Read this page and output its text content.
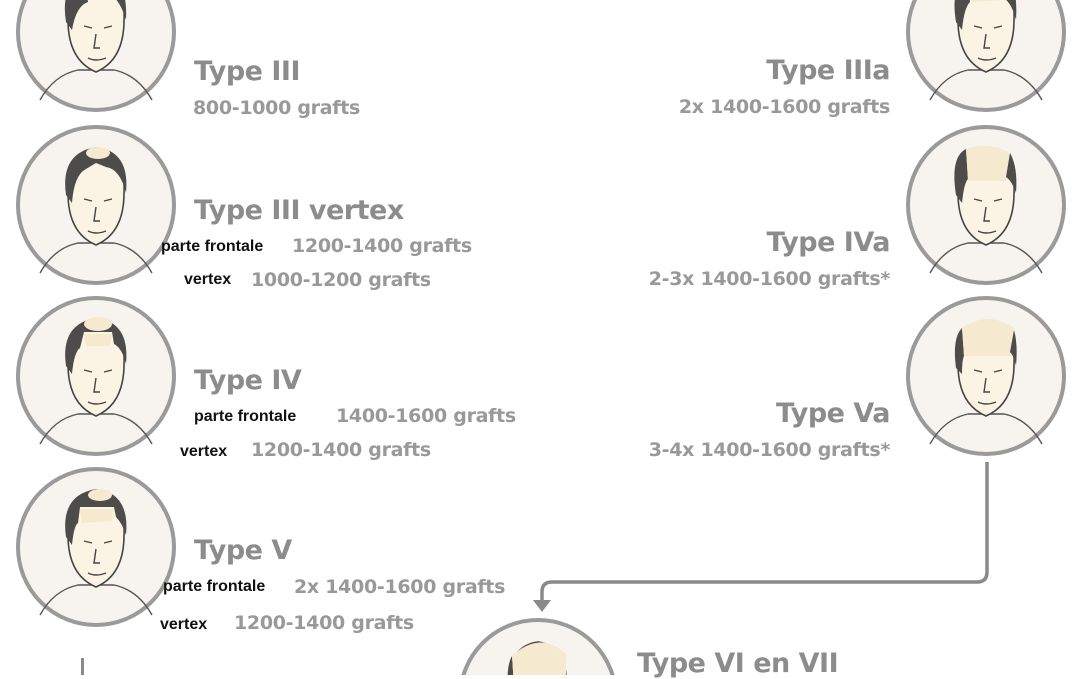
Type III
800-1000 grafts
Type III vertex
parte frontale 1200-1400 grafts
vertex 1000-1200 grafts
Type IV
parte frontale 1400-1600 grafts
vertex 1200-1400 grafts
Type V
parte frontale 2x 1400-1600 grafts
vertex 1200-1400 grafts
Type IIIa
2x 1400-1600 grafts
Type IVa
2-3x 1400-1600 grafts*
Type Va
3-4x 1400-1600 grafts*
Type VI en VII
